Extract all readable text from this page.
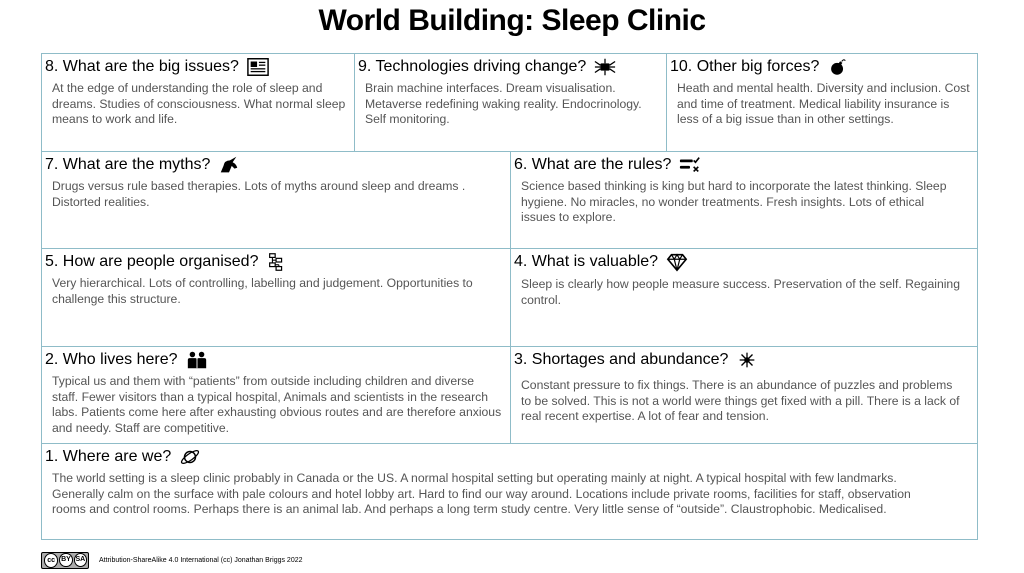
World Building: Sleep Clinic
8. What are the big issues?
At the edge of understanding the role of sleep and dreams. Studies of consciousness. What normal sleep means to work and life.
9. Technologies driving change?
Brain machine interfaces. Dream visualisation. Metaverse redefining waking reality. Endocrinology. Self monitoring.
10. Other big forces?
Heath and mental health. Diversity and inclusion. Cost and time of treatment. Medical liability insurance is less of a big issue than in other settings.
7. What are the myths?
Drugs versus rule based therapies. Lots of myths around sleep and dreams . Distorted realities.
6. What are the rules?
Science based thinking is king but hard to incorporate the latest thinking. Sleep hygiene. No miracles, no wonder treatments. Fresh insights. Lots of ethical issues to explore.
5. How are people organised?
Very hierarchical. Lots of controlling, labelling and judgement. Opportunities to challenge this structure.
4. What is valuable?
Sleep is clearly how people measure success. Preservation of the self. Regaining control.
2. Who lives here?
Typical us and them with “patients” from outside including children and diverse staff. Fewer visitors than a typical hospital, Animals and scientists in the research labs. Patients come here after exhausting obvious routes and are therefore anxious and needy. Staff are competitive.
3. Shortages and abundance?
Constant pressure to fix things. There is an abundance of puzzles and problems to be solved. This is not a world were things get fixed with a pill. There is a lack of real recent expertise. A lot of fear and tension.
1. Where are we?
The world setting is a sleep clinic probably in Canada or the US. A normal hospital setting but operating mainly at night. A typical hospital with few landmarks. Generally calm on the surface with pale colours and hotel lobby art. Hard to find our way around. Locations include private rooms, facilities for staff, observation rooms and control rooms. Perhaps there is an animal lab. And perhaps a long term study centre. Very little sense of “outside”. Claustrophobic. Medicalised.
cc BY SA Attribution-ShareAlike 4.0 International (cc) Jonathan Briggs 2022
